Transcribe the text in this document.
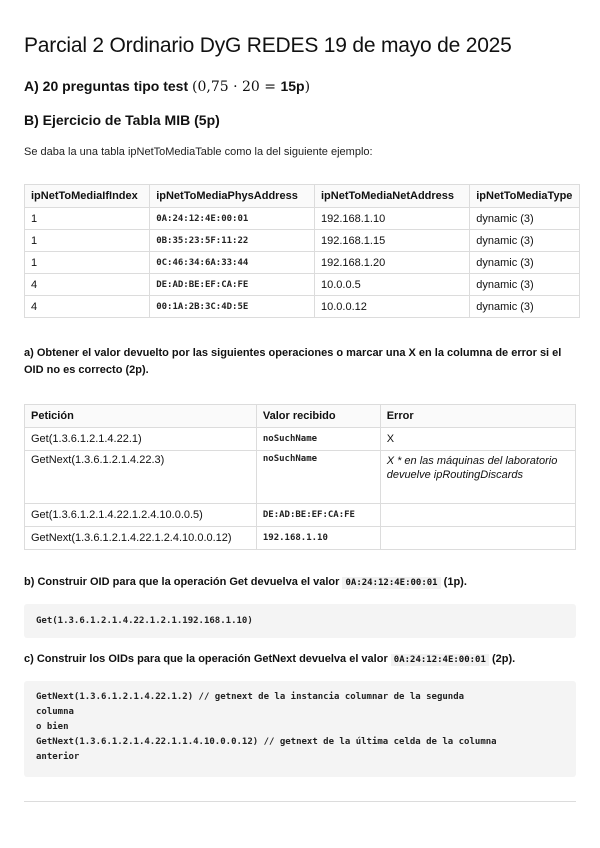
Parcial 2 Ordinario DyG REDES 19 de mayo de 2025

A) 20 preguntas tipo test (0,75 · 20 = 15p)

B) Ejercicio de Tabla MIB (5p)

Se daba la una tabla ipNetToMediaTable como la del siguiente ejemplo:

ipNetToMediaIfIndex	ipNetToMediaPhysAddress	ipNetToMediaNetAddress	ipNetToMediaType
1	0A:24:12:4E:00:01	192.168.1.10	dynamic (3)
1	0B:35:23:5F:11:22	192.168.1.15	dynamic (3)
1	0C:46:34:6A:33:44	192.168.1.20	dynamic (3)
4	DE:AD:BE:EF:CA:FE	10.0.0.5	dynamic (3)
4	00:1A:2B:3C:4D:5E	10.0.0.12	dynamic (3)

a) Obtener el valor devuelto por las siguientes operaciones o marcar una X en la columna de error si el OID no es correcto (2p).

Petición	Valor recibido	Error
Get(1.3.6.1.2.1.4.22.1)	noSuchName	X
GetNext(1.3.6.1.2.1.4.22.3)	noSuchName	X * en las máquinas del laboratorio devuelve ipRoutingDiscards
Get(1.3.6.1.2.1.4.22.1.2.4.10.0.0.5)	DE:AD:BE:EF:CA:FE	
GetNext(1.3.6.1.2.1.4.22.1.2.4.10.0.0.12)	192.168.1.10	

b) Construir OID para que la operación Get devuelva el valor 0A:24:12:4E:00:01 (1p).

Get(1.3.6.1.2.1.4.22.1.2.1.192.168.1.10)

c) Construir los OIDs para que la operación GetNext devuelva el valor 0A:24:12:4E:00:01 (2p).

GetNext(1.3.6.1.2.1.4.22.1.2) // getnext de la instancia columnar de la segunda
columna
o bien
GetNext(1.3.6.1.2.1.4.22.1.1.4.10.0.0.12) // getnext de la última celda de la columna
anterior
